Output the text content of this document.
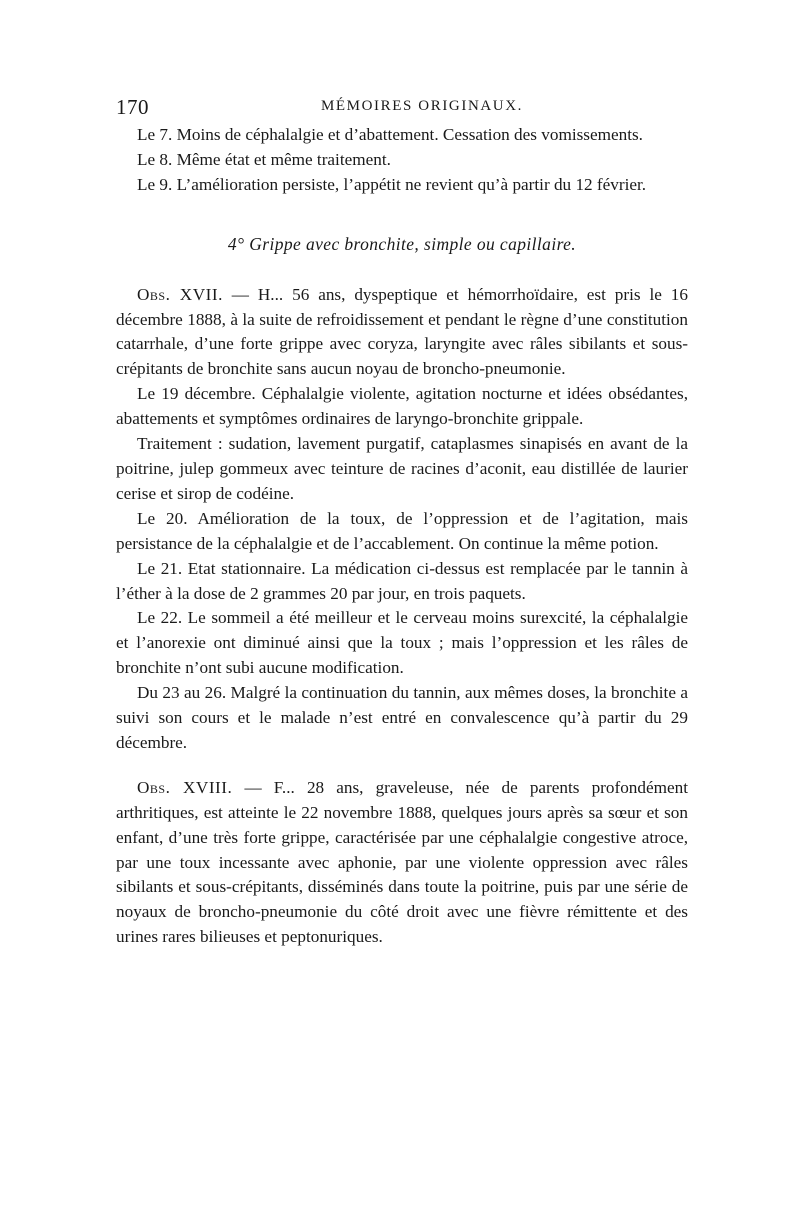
170	MÉMOIRES ORIGINAUX.

Le 7. Moins de céphalalgie et d’abattement. Cessation des vomissements.

Le 8. Même état et même traitement.

Le 9. L’amélioration persiste, l’appétit ne revient qu’à partir du 12 février.

4° Grippe avec bronchite, simple ou capillaire.

Obs. XVII. — H... 56 ans, dyspeptique et hémorrhoïdaire, est pris le 16 décembre 1888, à la suite de refroidissement et pendant le règne d’une constitution catarrhale, d’une forte grippe avec coryza, laryngite avec râles sibilants et sous-crépitants de bronchite sans aucun noyau de broncho-pneumonie.

Le 19 décembre. Céphalalgie violente, agitation nocturne et idées obsédantes, abattements et symptômes ordinaires de laryngo-bronchite grippale.

Traitement : sudation, lavement purgatif, cataplasmes sinapisés en avant de la poitrine, julep gommeux avec teinture de racines d’aconit, eau distillée de laurier cerise et sirop de codéine.

Le 20. Amélioration de la toux, de l’oppression et de l’agitation, mais persistance de la céphalalgie et de l’accablement. On continue la même potion.

Le 21. Etat stationnaire. La médication ci-dessus est remplacée par le tannin à l’éther à la dose de 2 grammes 20 par jour, en trois paquets.

Le 22. Le sommeil a été meilleur et le cerveau moins surexcité, la céphalalgie et l’anorexie ont diminué ainsi que la toux ; mais l’oppression et les râles de bronchite n’ont subi aucune modification.

Du 23 au 26. Malgré la continuation du tannin, aux mêmes doses, la bronchite a suivi son cours et le malade n’est entré en convalescence qu’à partir du 29 décembre.

Obs. XVIII. — F... 28 ans, graveleuse, née de parents profondément arthritiques, est atteinte le 22 novembre 1888, quelques jours après sa sœur et son enfant, d’une très forte grippe, caractérisée par une céphalalgie congestive atroce, par une toux incessante avec aphonie, par une violente oppression avec râles sibilants et sous-crépitants, disséminés dans toute la poitrine, puis par une série de noyaux de broncho-pneumonie du côté droit avec une fièvre rémittente et des urines rares bilieuses et peptonuriques.
